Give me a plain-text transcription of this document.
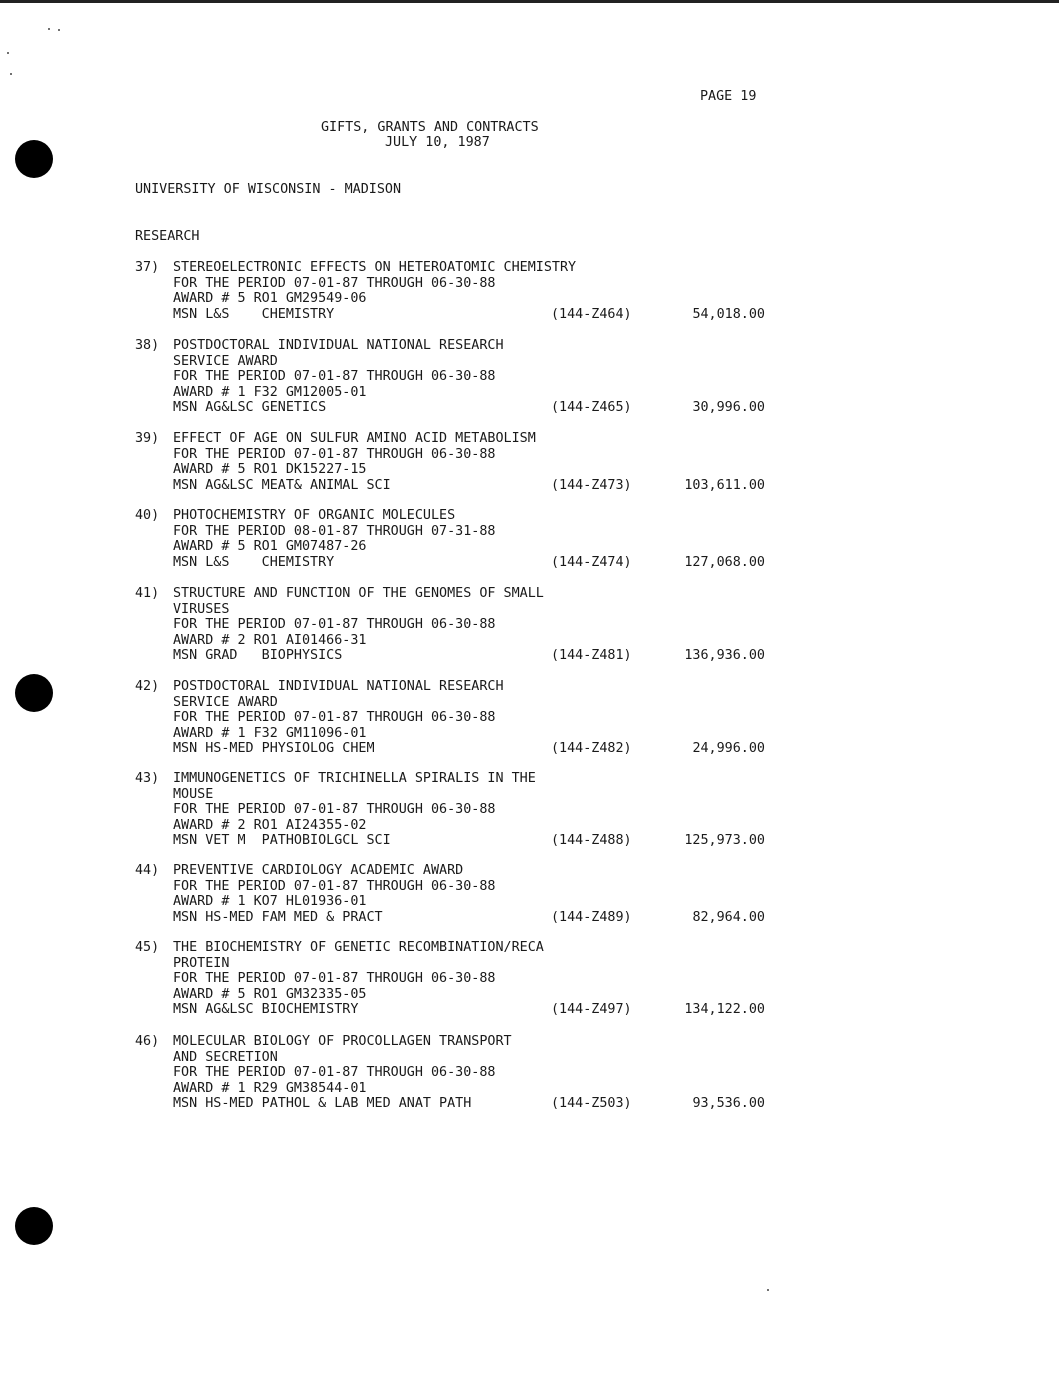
PAGE 19
GIFTS, GRANTS AND CONTRACTS
JULY 10, 1987
UNIVERSITY OF WISCONSIN - MADISON
RESEARCH
37) STEREOELECTRONIC EFFECTS ON HETEROATOMIC CHEMISTRY
FOR THE PERIOD 07-01-87 THROUGH 06-30-88
AWARD # 5 RO1 GM29549-06
MSN L&S    CHEMISTRY	(144-Z464)	54,018.00
38) POSTDOCTORAL INDIVIDUAL NATIONAL RESEARCH
SERVICE AWARD
FOR THE PERIOD 07-01-87 THROUGH 06-30-88
AWARD # 1 F32 GM12005-01
MSN AG&LSC GENETICS	(144-Z465)	30,996.00
39) EFFECT OF AGE ON SULFUR AMINO ACID METABOLISM
FOR THE PERIOD 07-01-87 THROUGH 06-30-88
AWARD # 5 RO1 DK15227-15
MSN AG&LSC MEAT& ANIMAL SCI	(144-Z473)	103,611.00
40) PHOTOCHEMISTRY OF ORGANIC MOLECULES
FOR THE PERIOD 08-01-87 THROUGH 07-31-88
AWARD # 5 RO1 GM07487-26
MSN L&S    CHEMISTRY	(144-Z474)	127,068.00
41) STRUCTURE AND FUNCTION OF THE GENOMES OF SMALL
VIRUSES
FOR THE PERIOD 07-01-87 THROUGH 06-30-88
AWARD # 2 RO1 AI01466-31
MSN GRAD   BIOPHYSICS	(144-Z481)	136,936.00
42) POSTDOCTORAL INDIVIDUAL NATIONAL RESEARCH
SERVICE AWARD
FOR THE PERIOD 07-01-87 THROUGH 06-30-88
AWARD # 1 F32 GM11096-01
MSN HS-MED PHYSIOLOG CHEM	(144-Z482)	24,996.00
43) IMMUNOGENETICS OF TRICHINELLA SPIRALIS IN THE
MOUSE
FOR THE PERIOD 07-01-87 THROUGH 06-30-88
AWARD # 2 RO1 AI24355-02
MSN VET M  PATHOBIOLGCL SCI	(144-Z488)	125,973.00
44) PREVENTIVE CARDIOLOGY ACADEMIC AWARD
FOR THE PERIOD 07-01-87 THROUGH 06-30-88
AWARD # 1 KO7 HL01936-01
MSN HS-MED FAM MED & PRACT	(144-Z489)	82,964.00
45) THE BIOCHEMISTRY OF GENETIC RECOMBINATION/RECA
PROTEIN
FOR THE PERIOD 07-01-87 THROUGH 06-30-88
AWARD # 5 RO1 GM32335-05
MSN AG&LSC BIOCHEMISTRY	(144-Z497)	134,122.00
46) MOLECULAR BIOLOGY OF PROCOLLAGEN TRANSPORT
AND SECRETION
FOR THE PERIOD 07-01-87 THROUGH 06-30-88
AWARD # 1 R29 GM38544-01
MSN HS-MED PATHOL & LAB MED ANAT PATH	(144-Z503)	93,536.00
